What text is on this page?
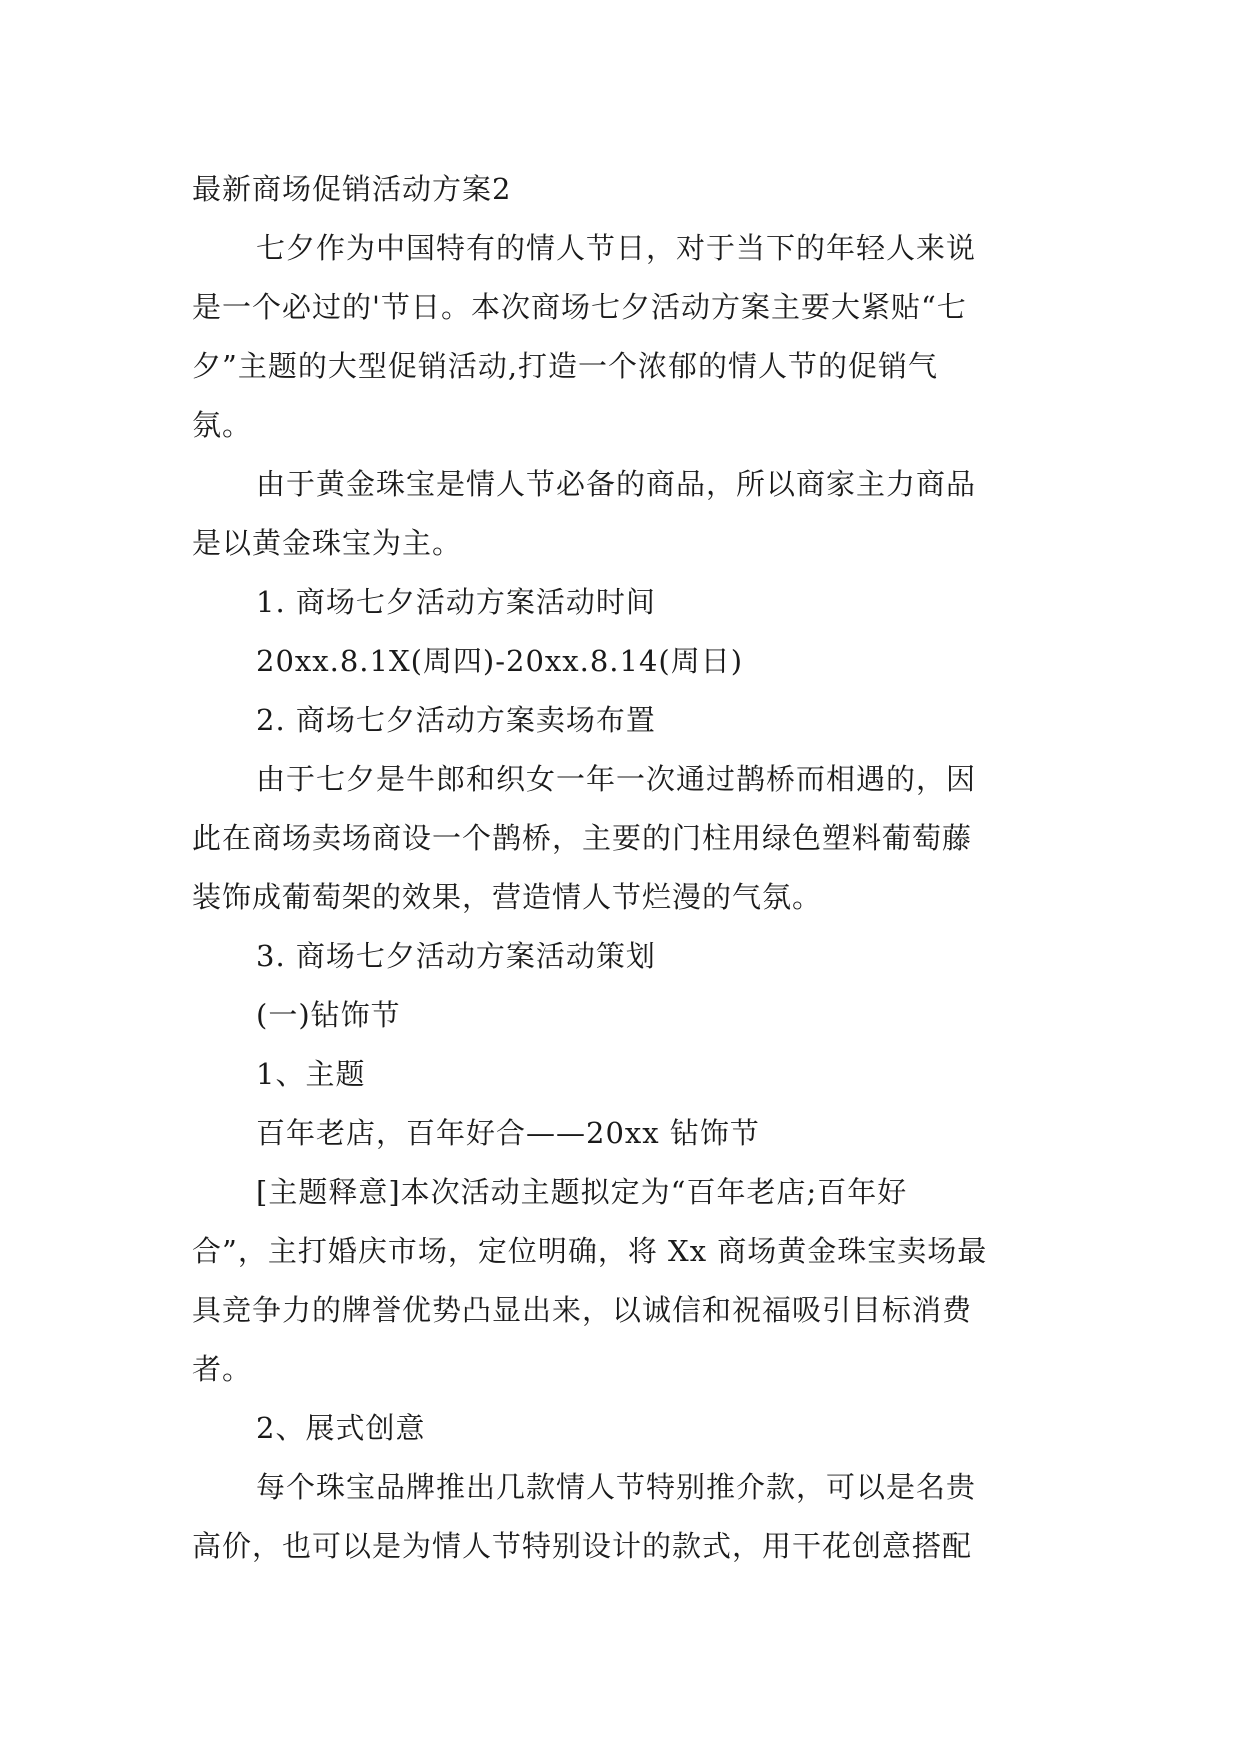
最新商场促销活动方案2
七夕作为中国特有的情人节日，对于当下的年轻人来说
是一个必过的'节日。本次商场七夕活动方案主要大紧贴“七
夕”主题的大型促销活动,打造一个浓郁的情人节的促销气
氛。
由于黄金珠宝是情人节必备的商品，所以商家主力商品
是以黄金珠宝为主。
1. 商场七夕活动方案活动时间
20xx.8.1X(周四)-20xx.8.14(周日)
2. 商场七夕活动方案卖场布置
由于七夕是牛郎和织女一年一次通过鹊桥而相遇的，因
此在商场卖场商设一个鹊桥，主要的门柱用绿色塑料葡萄藤
装饰成葡萄架的效果，营造情人节烂漫的气氛。
3. 商场七夕活动方案活动策划
(一)钻饰节
1、主题
百年老店，百年好合——20xx 钻饰节
[主题释意]本次活动主题拟定为“百年老店;百年好
合”，主打婚庆市场，定位明确，将 Xx 商场黄金珠宝卖场最
具竞争力的牌誉优势凸显出来，以诚信和祝福吸引目标消费
者。
2、展式创意
每个珠宝品牌推出几款情人节特别推介款，可以是名贵
高价，也可以是为情人节特别设计的款式，用干花创意搭配
